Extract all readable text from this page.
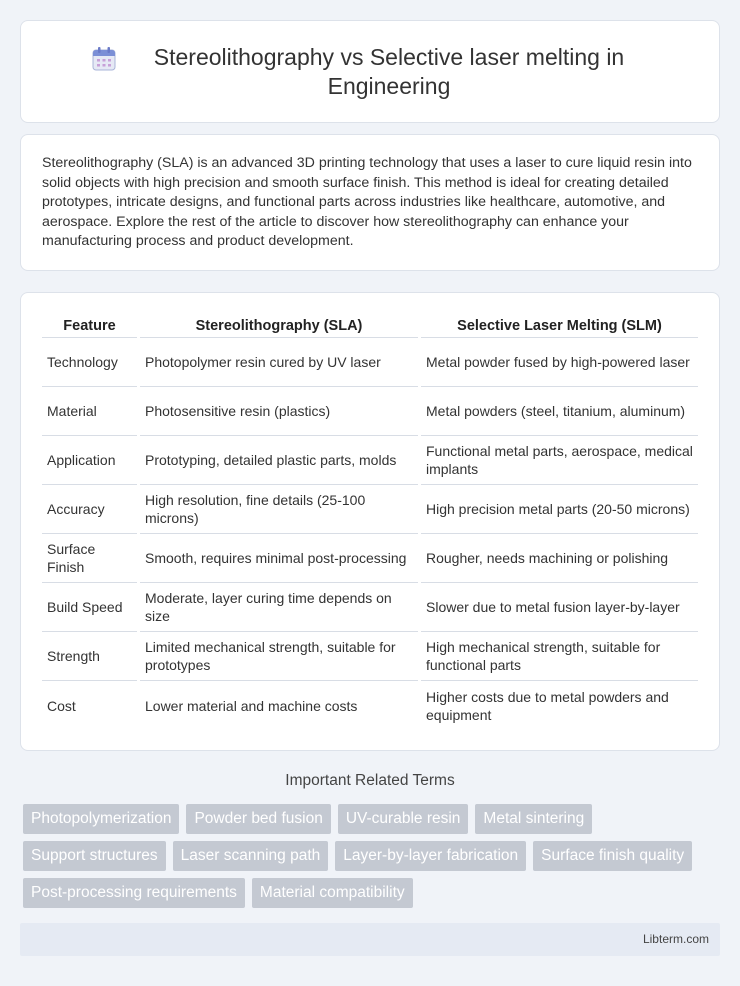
Stereolithography vs Selective laser melting in Engineering

Stereolithography (SLA) is an advanced 3D printing technology that uses a laser to cure liquid resin into solid objects with high precision and smooth surface finish. This method is ideal for creating detailed prototypes, intricate designs, and functional parts across industries like healthcare, automotive, and aerospace. Explore the rest of the article to discover how stereolithography can enhance your manufacturing process and product development.

Feature	Stereolithography (SLA)	Selective Laser Melting (SLM)
Technology	Photopolymer resin cured by UV laser	Metal powder fused by high-powered laser
Material	Photosensitive resin (plastics)	Metal powders (steel, titanium, aluminum)
Application	Prototyping, detailed plastic parts, molds	Functional metal parts, aerospace, medical implants
Accuracy	High resolution, fine details (25-100 microns)	High precision metal parts (20-50 microns)
Surface Finish	Smooth, requires minimal post-processing	Rougher, needs machining or polishing
Build Speed	Moderate, layer curing time depends on size	Slower due to metal fusion layer-by-layer
Strength	Limited mechanical strength, suitable for prototypes	High mechanical strength, suitable for functional parts
Cost	Lower material and machine costs	Higher costs due to metal powders and equipment
Important Related Terms
Photopolymerization	Powder bed fusion	UV-curable resin	Metal sintering
Support structures	Laser scanning path	Layer-by-layer fabrication	Surface finish quality
Post-processing requirements	Material compatibility
Libterm.com
